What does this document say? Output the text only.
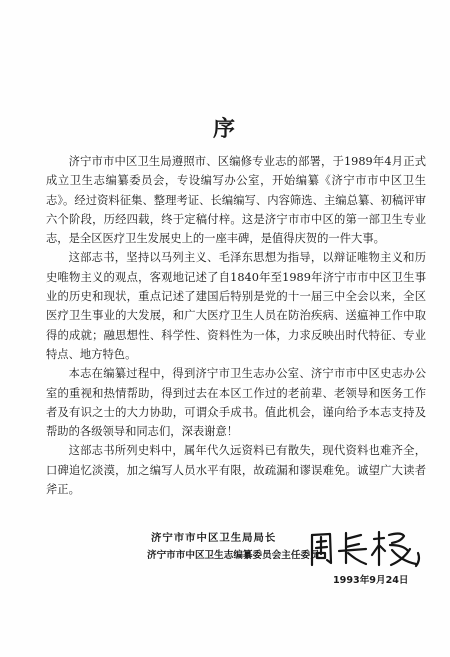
序

济宁市市中区卫生局遵照市、区编修专业志的部署，于1989年4月正式成立卫生志编纂委员会，专设编写办公室，开始编纂《济宁市市中区卫生志》。经过资料征集、整理考证、长编编写、内容筛选、主编总纂、初稿评审六个阶段，历经四载，终于定稿付梓。这是济宁市市中区的第一部卫生专业志，是全区医疗卫生发展史上的一座丰碑，是值得庆贺的一件大事。

这部志书，坚持以马列主义、毛泽东思想为指导，以辩证唯物主义和历史唯物主义的观点，客观地记述了自1840年至1989年济宁市市中区卫生事业的历史和现状，重点记述了建国后特别是党的十一届三中全会以来，全区医疗卫生事业的大发展，和广大医疗卫生人员在防治疾病、送瘟神工作中取得的成就；融思想性、科学性、资料性为一体，力求反映出时代特征、专业特点、地方特色。

本志在编纂过程中，得到济宁市卫生志办公室、济宁市市中区史志办公室的重视和热情帮助，得到过去在本区工作过的老前辈、老领导和医务工作者及有识之士的大力协助，可谓众手成书。值此机会，谨向给予本志支持及帮助的各级领导和同志们，深表谢意！

这部志书所列史料中，属年代久远资料已有散失，现代资料也难齐全，口碑追忆淡漠，加之编写人员水平有限，故疏漏和谬误难免。诚望广大读者斧正。

济宁市市中区卫生局局长
济宁市市中区卫生志编纂委员会主任委员
1993年9月24日
